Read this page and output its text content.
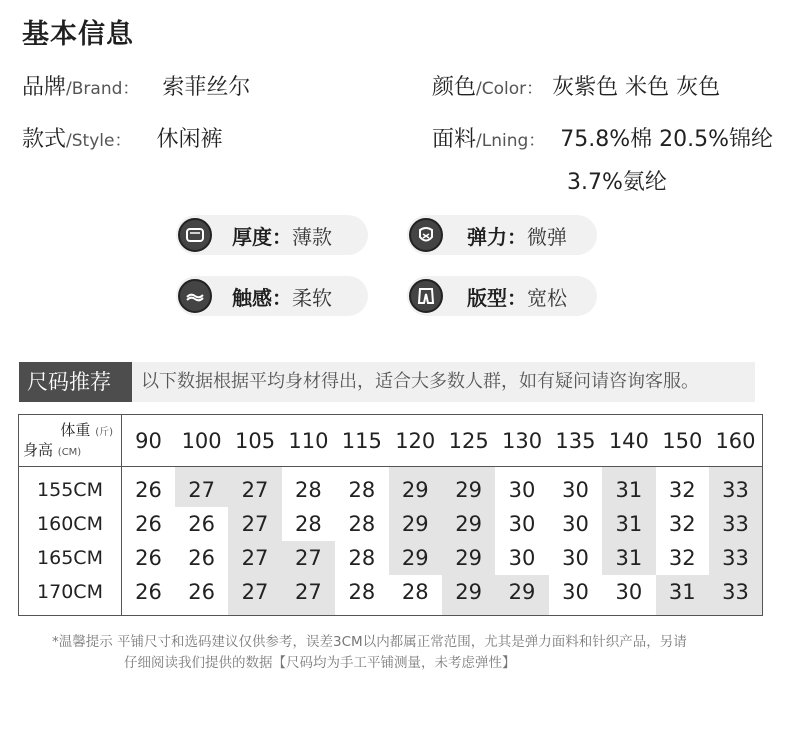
基本信息
品牌/Brand： 索菲丝尔	颜色/Color： 灰紫色 米色 灰色
款式/Style： 休闲裤	面料/Lning： 75.8%棉 20.5%锦纶
3.7%氨纶
厚度：薄款	弹力：微弹
触感：柔软	版型：宽松
尺码推荐	以下数据根据平均身材得出，适合大多数人群，如有疑问请咨询客服。
体重 (斤)
身高 (CM)	90	100	105	110	115	120	125	130	135	140	150	160
155CM	26	27	27	28	28	29	29	30	30	31	32	33
160CM	26	26	27	28	28	29	29	30	30	31	32	33
165CM	26	26	27	27	28	29	29	30	30	31	32	33
170CM	26	26	27	27	28	28	29	29	30	30	31	33
*温馨提示 平铺尺寸和选码建议仅供参考，误差3CM以内都属正常范围，尤其是弹力面料和针织产品，另请
仔细阅读我们提供的数据【尺码均为手工平铺测量，未考虑弹性】
